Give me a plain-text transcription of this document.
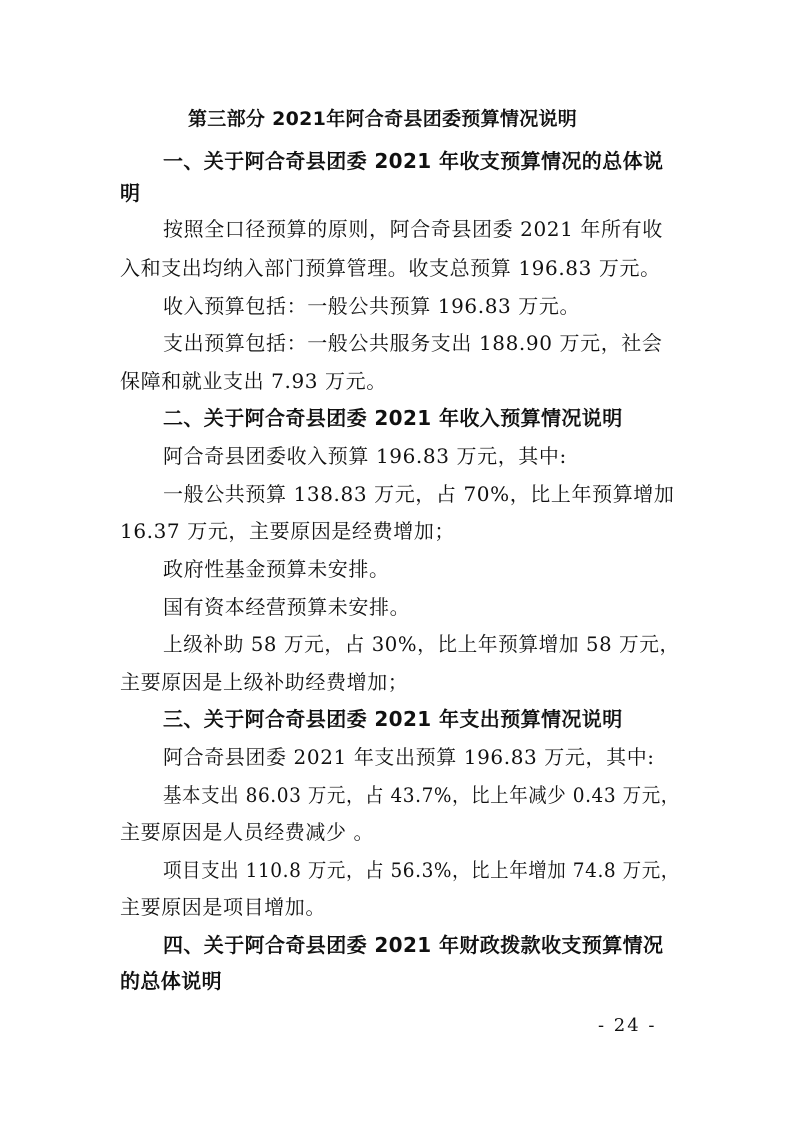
第三部分 2021年阿合奇县团委预算情况说明
一、关于阿合奇县团委 2021 年收支预算情况的总体说
明
按照全口径预算的原则，阿合奇县团委 2021 年所有收
入和支出均纳入部门预算管理。收支总预算 196.83 万元。
收入预算包括：一般公共预算 196.83 万元。
支出预算包括：一般公共服务支出 188.90 万元，社会
保障和就业支出 7.93 万元。
二、关于阿合奇县团委 2021 年收入预算情况说明
阿合奇县团委收入预算 196.83 万元，其中:
一般公共预算 138.83 万元，占 70%，比上年预算增加
16.37 万元，主要原因是经费增加；
政府性基金预算未安排。
国有资本经营预算未安排。
上级补助 58 万元，占 30%，比上年预算增加 58 万元，
主要原因是上级补助经费增加；
三、关于阿合奇县团委 2021 年支出预算情况说明
阿合奇县团委 2021 年支出预算 196.83 万元，其中:
基本支出 86.03 万元，占 43.7%，比上年减少 0.43 万元，
主要原因是人员经费减少 。
项目支出 110.8 万元，占 56.3%，比上年增加 74.8 万元，
主要原因是项目增加。
四、关于阿合奇县团委 2021 年财政拨款收支预算情况
的总体说明
- 24 -
